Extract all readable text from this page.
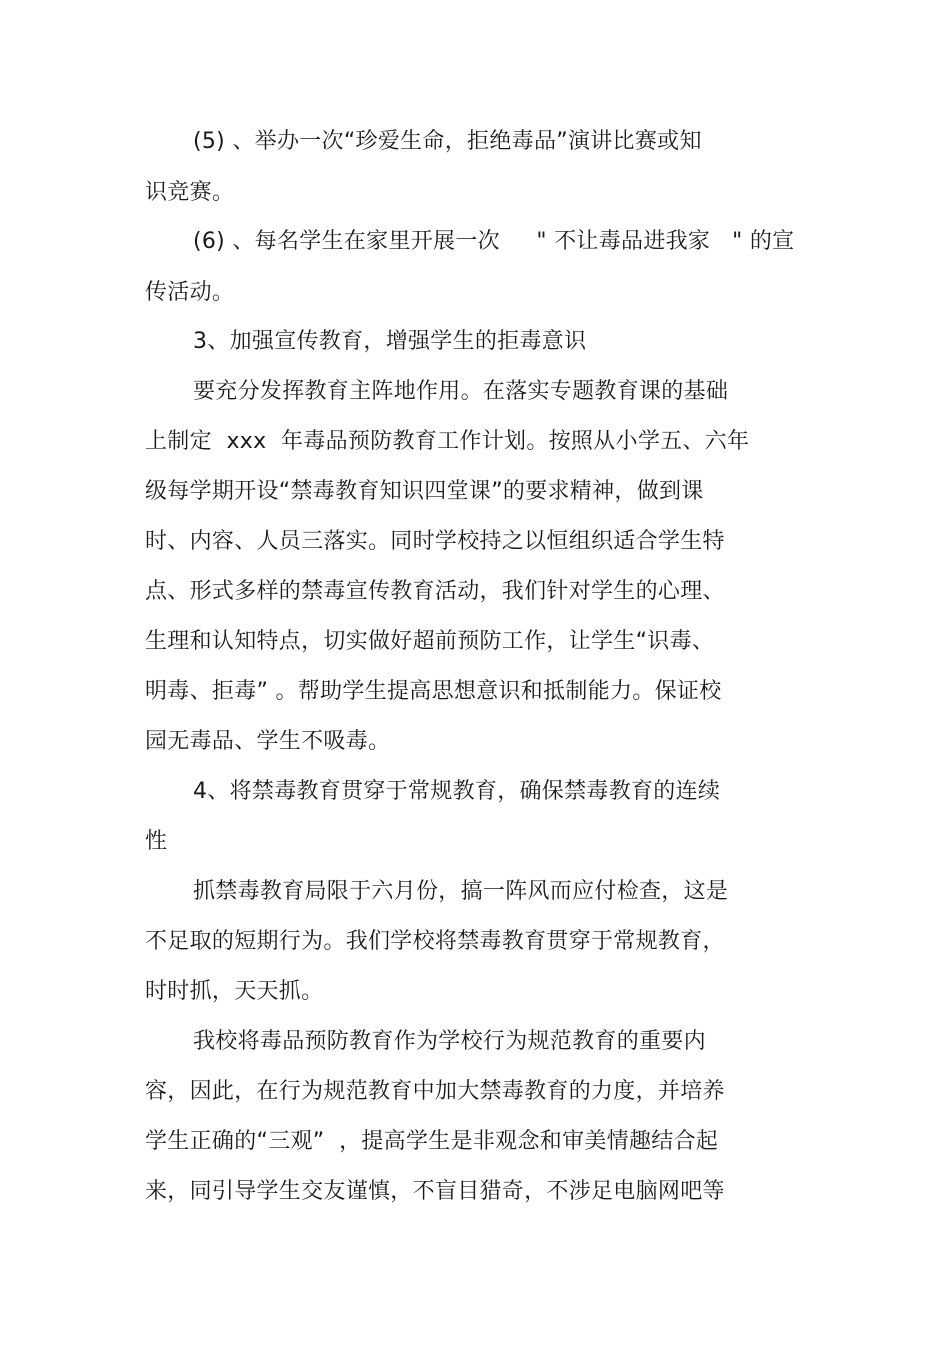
(5) 、举办一次“珍爱生命，拒绝毒品”演讲比赛或知
识竞赛。
(6) 、每名学生在家里开展一次     " 不让毒品进我家   " 的宣
传活动。
3、加强宣传教育，增强学生的拒毒意识
要充分发挥教育主阵地作用。在落实专题教育课的基础
上制定  xxx  年毒品预防教育工作计划。按照从小学五、六年
级每学期开设“禁毒教育知识四堂课”的要求精神，做到课
时、内容、人员三落实。同时学校持之以恒组织适合学生特
点、形式多样的禁毒宣传教育活动，我们针对学生的心理、
生理和认知特点，切实做好超前预防工作，让学生“识毒、
明毒、拒毒” 。帮助学生提高思想意识和抵制能力。保证校
园无毒品、学生不吸毒。
4、将禁毒教育贯穿于常规教育，确保禁毒教育的连续
性
抓禁毒教育局限于六月份，搞一阵风而应付检查，这是
不足取的短期行为。我们学校将禁毒教育贯穿于常规教育，
时时抓，天天抓。
我校将毒品预防教育作为学校行为规范教育的重要内
容，因此，在行为规范教育中加大禁毒教育的力度，并培养
学生正确的“三观”  ，提高学生是非观念和审美情趣结合起
来，同引导学生交友谨慎，不盲目猎奇，不涉足电脑网吧等
